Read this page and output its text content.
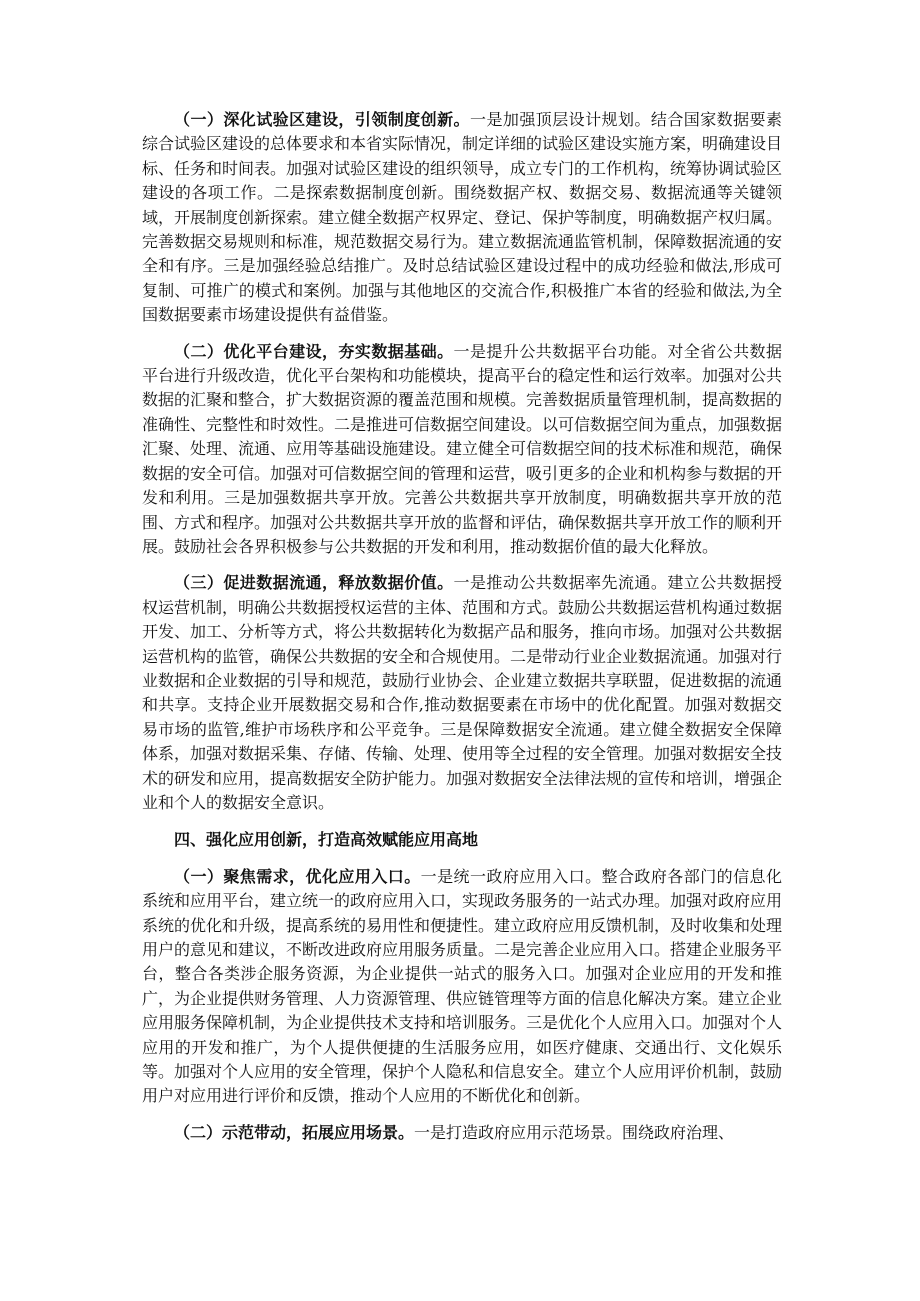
（一）深化试验区建设，引领制度创新。一是加强顶层设计规划。结合国家数据要素综合试验区建设的总体要求和本省实际情况，制定详细的试验区建设实施方案，明确建设目标、任务和时间表。加强对试验区建设的组织领导，成立专门的工作机构，统筹协调试验区建设的各项工作。二是探索数据制度创新。围绕数据产权、数据交易、数据流通等关键领域，开展制度创新探索。建立健全数据产权界定、登记、保护等制度，明确数据产权归属。完善数据交易规则和标准，规范数据交易行为。建立数据流通监管机制，保障数据流通的安全和有序。三是加强经验总结推广。及时总结试验区建设过程中的成功经验和做法,形成可复制、可推广的模式和案例。加强与其他地区的交流合作,积极推广本省的经验和做法,为全国数据要素市场建设提供有益借鉴。

（二）优化平台建设，夯实数据基础。一是提升公共数据平台功能。对全省公共数据平台进行升级改造，优化平台架构和功能模块，提高平台的稳定性和运行效率。加强对公共数据的汇聚和整合，扩大数据资源的覆盖范围和规模。完善数据质量管理机制，提高数据的准确性、完整性和时效性。二是推进可信数据空间建设。以可信数据空间为重点，加强数据汇聚、处理、流通、应用等基础设施建设。建立健全可信数据空间的技术标准和规范，确保数据的安全可信。加强对可信数据空间的管理和运营，吸引更多的企业和机构参与数据的开发和利用。三是加强数据共享开放。完善公共数据共享开放制度，明确数据共享开放的范围、方式和程序。加强对公共数据共享开放的监督和评估，确保数据共享开放工作的顺利开展。鼓励社会各界积极参与公共数据的开发和利用，推动数据价值的最大化释放。

（三）促进数据流通，释放数据价值。一是推动公共数据率先流通。建立公共数据授权运营机制，明确公共数据授权运营的主体、范围和方式。鼓励公共数据运营机构通过数据开发、加工、分析等方式，将公共数据转化为数据产品和服务，推向市场。加强对公共数据运营机构的监管，确保公共数据的安全和合规使用。二是带动行业企业数据流通。加强对行业数据和企业数据的引导和规范，鼓励行业协会、企业建立数据共享联盟，促进数据的流通和共享。支持企业开展数据交易和合作,推动数据要素在市场中的优化配置。加强对数据交易市场的监管,维护市场秩序和公平竞争。三是保障数据安全流通。建立健全数据安全保障体系，加强对数据采集、存储、传输、处理、使用等全过程的安全管理。加强对数据安全技术的研发和应用，提高数据安全防护能力。加强对数据安全法律法规的宣传和培训，增强企业和个人的数据安全意识。

四、强化应用创新，打造高效赋能应用高地

（一）聚焦需求，优化应用入口。一是统一政府应用入口。整合政府各部门的信息化系统和应用平台，建立统一的政府应用入口，实现政务服务的一站式办理。加强对政府应用系统的优化和升级，提高系统的易用性和便捷性。建立政府应用反馈机制，及时收集和处理用户的意见和建议，不断改进政府应用服务质量。二是完善企业应用入口。搭建企业服务平台，整合各类涉企服务资源，为企业提供一站式的服务入口。加强对企业应用的开发和推广，为企业提供财务管理、人力资源管理、供应链管理等方面的信息化解决方案。建立企业应用服务保障机制，为企业提供技术支持和培训服务。三是优化个人应用入口。加强对个人应用的开发和推广，为个人提供便捷的生活服务应用，如医疗健康、交通出行、文化娱乐等。加强对个人应用的安全管理，保护个人隐私和信息安全。建立个人应用评价机制，鼓励用户对应用进行评价和反馈，推动个人应用的不断优化和创新。

（二）示范带动，拓展应用场景。一是打造政府应用示范场景。围绕政府治理、
